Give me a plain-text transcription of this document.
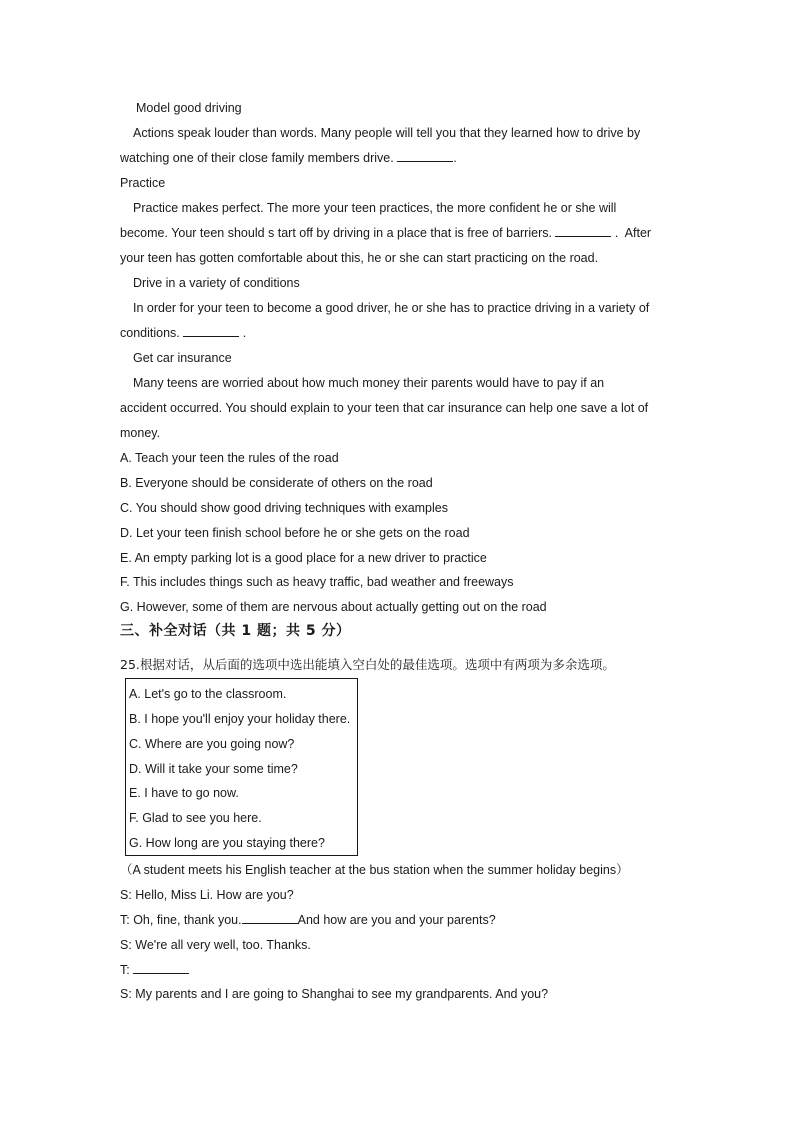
Model good driving
Actions speak louder than words. Many people will tell you that they learned how to drive by
watching one of their close family members drive.	.
Practice
Practice makes perfect. The more your teen practices, the more confident he or she will
become. Your teen should s tart off by driving in a place that is free of barriers.	.  After
your teen has gotten comfortable about this, he or she can start practicing on the road.
Drive in a variety of conditions
In order for your teen to become a good driver, he or she has to practice driving in a variety of
conditions.	.
Get car insurance
Many teens are worried about how much money their parents would have to pay if an
accident occurred. You should explain to your teen that car insurance can help one save a lot of
money.
A. Teach your teen the rules of the road
B. Everyone should be considerate of others on the road
C. You should show good driving techniques with examples
D. Let your teen finish school before he or she gets on the road
E. An empty parking lot is a good place for a new driver to practice
F. This includes things such as heavy traffic, bad weather and freeways
G. However, some of them are nervous about actually getting out on the road
三、补全对话（共 1 题；共 5 分）
25.根据对话，从后面的选项中选出能填入空白处的最佳选项。选项中有两项为多余选项。
A. Let's go to the classroom.
B. I hope you'll enjoy your holiday there.
C. Where are you going now?
D. Will it take your some time?
E. I have to go now.
F. Glad to see you here.
G. How long are you staying there?
（A student meets his English teacher at the bus station when the summer holiday begins）
S: Hello, Miss Li. How are you?
T: Oh, fine, thank you.	And how are you and your parents?
S: We're all very well, too. Thanks.
T:
S: My parents and I are going to Shanghai to see my grandparents. And you?
